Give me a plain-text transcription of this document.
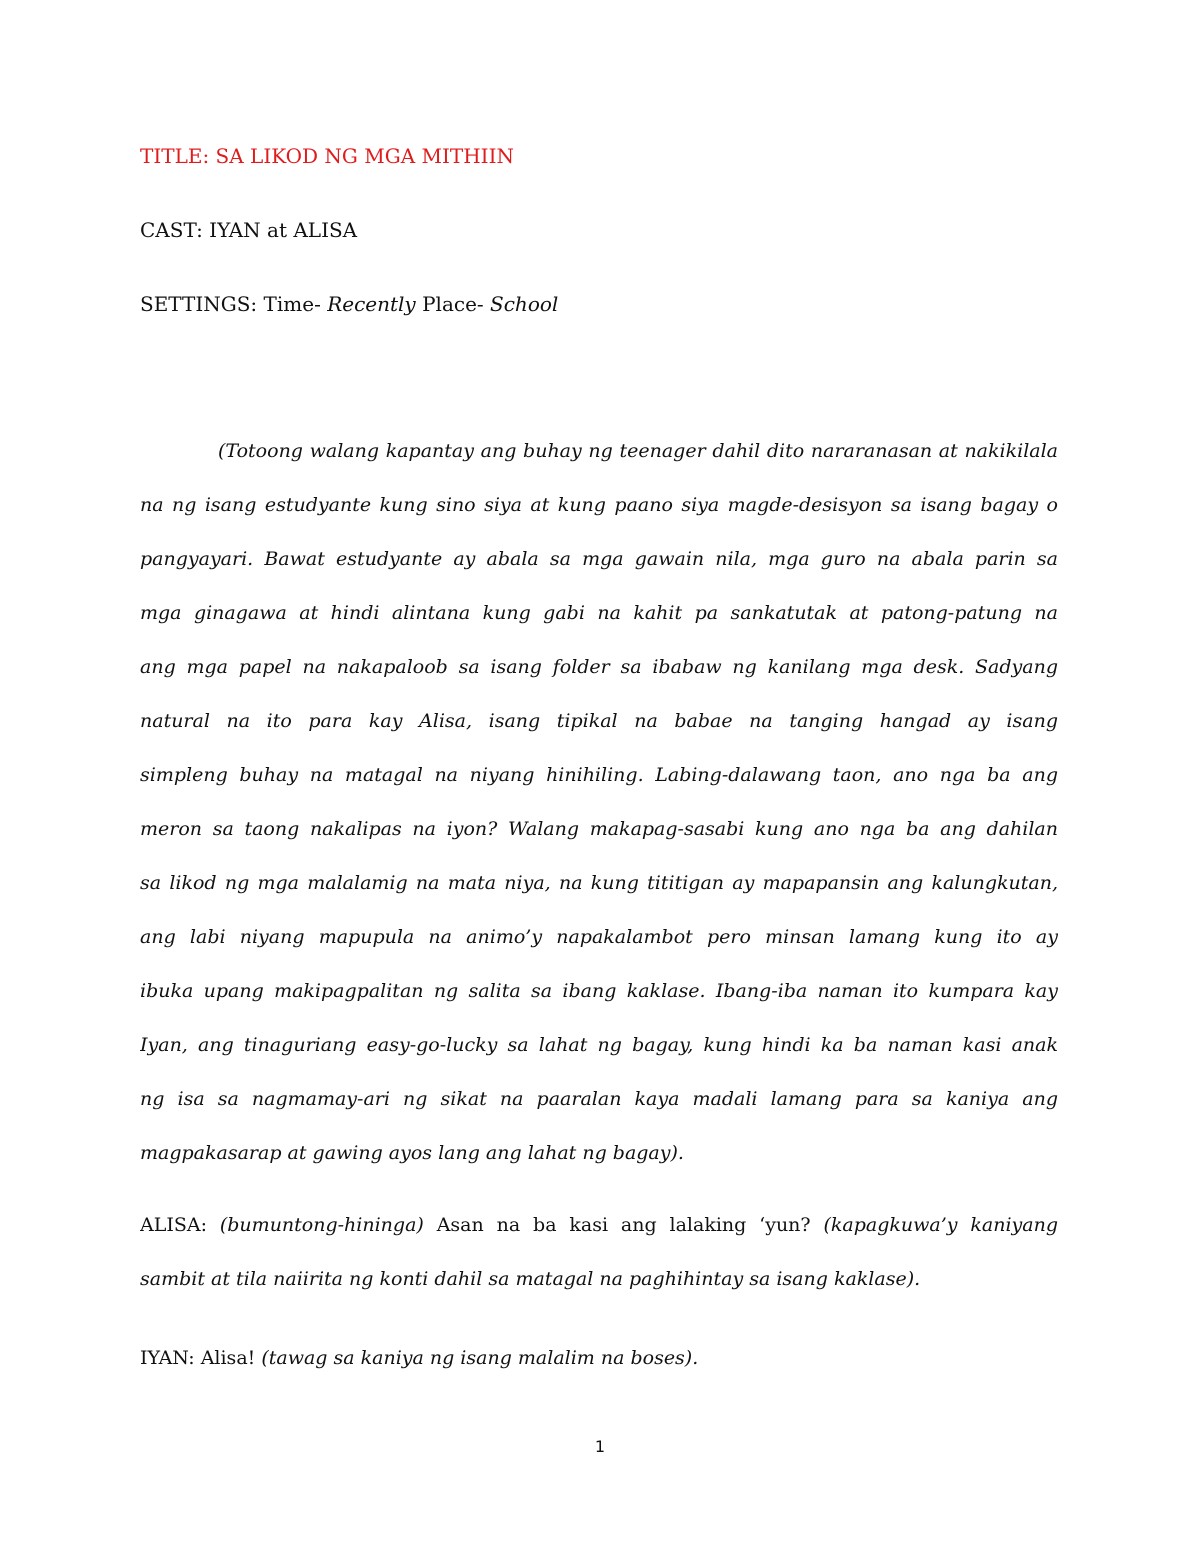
TITLE: SA LIKOD NG MGA MITHIIN
CAST: IYAN at ALISA
SETTINGS: Time- Recently Place- School
(Totoong walang kapantay ang buhay ng teenager dahil dito nararanasan at nakikilala
na ng isang estudyante kung sino siya at kung paano siya magde-desisyon sa isang bagay o
pangyayari. Bawat estudyante ay abala sa mga gawain nila, mga guro na abala parin sa
mga ginagawa at hindi alintana kung gabi na kahit pa sankatutak at patong-patung na
ang mga papel na nakapaloob sa isang folder sa ibabaw ng kanilang mga desk. Sadyang
natural na ito para kay Alisa, isang tipikal na babae na tanging hangad ay isang
simpleng buhay na matagal na niyang hinihiling. Labing-dalawang taon, ano nga ba ang
meron sa taong nakalipas na iyon? Walang makapag-sasabi kung ano nga ba ang dahilan
sa likod ng mga malalamig na mata niya, na kung tititigan ay mapapansin ang kalungkutan,
ang labi niyang mapupula na animo’y napakalambot pero minsan lamang kung ito ay
ibuka upang makipagpalitan ng salita sa ibang kaklase. Ibang-iba naman ito kumpara kay
Iyan, ang tinaguriang easy-go-lucky sa lahat ng bagay, kung hindi ka ba naman kasi anak
ng isa sa nagmamay-ari ng sikat na paaralan kaya madali lamang para sa kaniya ang
magpakasarap at gawing ayos lang ang lahat ng bagay).
ALISA: (bumuntong-hininga) Asan na ba kasi ang lalaking ‘yun? (kapagkuwa’y kaniyang
sambit at tila naiirita ng konti dahil sa matagal na paghihintay sa isang kaklase).
IYAN: Alisa! (tawag sa kaniya ng isang malalim na boses).
1
